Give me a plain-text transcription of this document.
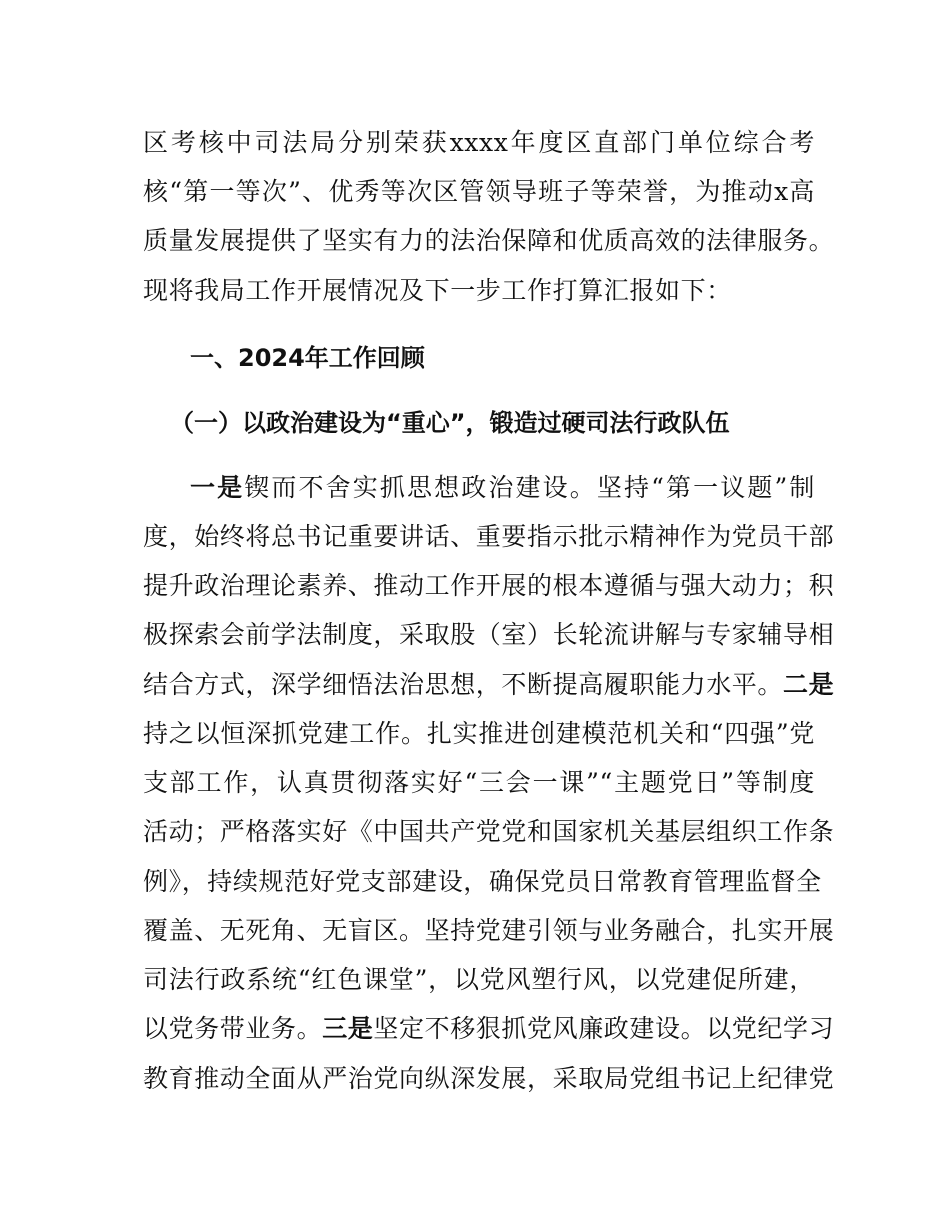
区考核中司法局分别荣获xxxx年度区直部门单位综合考
核“第一等次”、优秀等次区管领导班子等荣誉，为推动x高
质量发展提供了坚实有力的法治保障和优质高效的法律服务。
现将我局工作开展情况及下一步工作打算汇报如下：
一、2024年工作回顾
（一）以政治建设为“重心”，锻造过硬司法行政队伍
一是锲而不舍实抓思想政治建设。坚持“第一议题”制
度，始终将总书记重要讲话、重要指示批示精神作为党员干部
提升政治理论素养、推动工作开展的根本遵循与强大动力；积
极探索会前学法制度，采取股（室）长轮流讲解与专家辅导相
结合方式，深学细悟法治思想，不断提高履职能力水平。二是
持之以恒深抓党建工作。扎实推进创建模范机关和“四强”党
支部工作，认真贯彻落实好“三会一课”“主题党日”等制度
活动；严格落实好《中国共产党党和国家机关基层组织工作条
例》，持续规范好党支部建设，确保党员日常教育管理监督全
覆盖、无死角、无盲区。坚持党建引领与业务融合，扎实开展
司法行政系统“红色课堂”，以党风塑行风，以党建促所建，
以党务带业务。三是坚定不移狠抓党风廉政建设。以党纪学习
教育推动全面从严治党向纵深发展，采取局党组书记上纪律党
